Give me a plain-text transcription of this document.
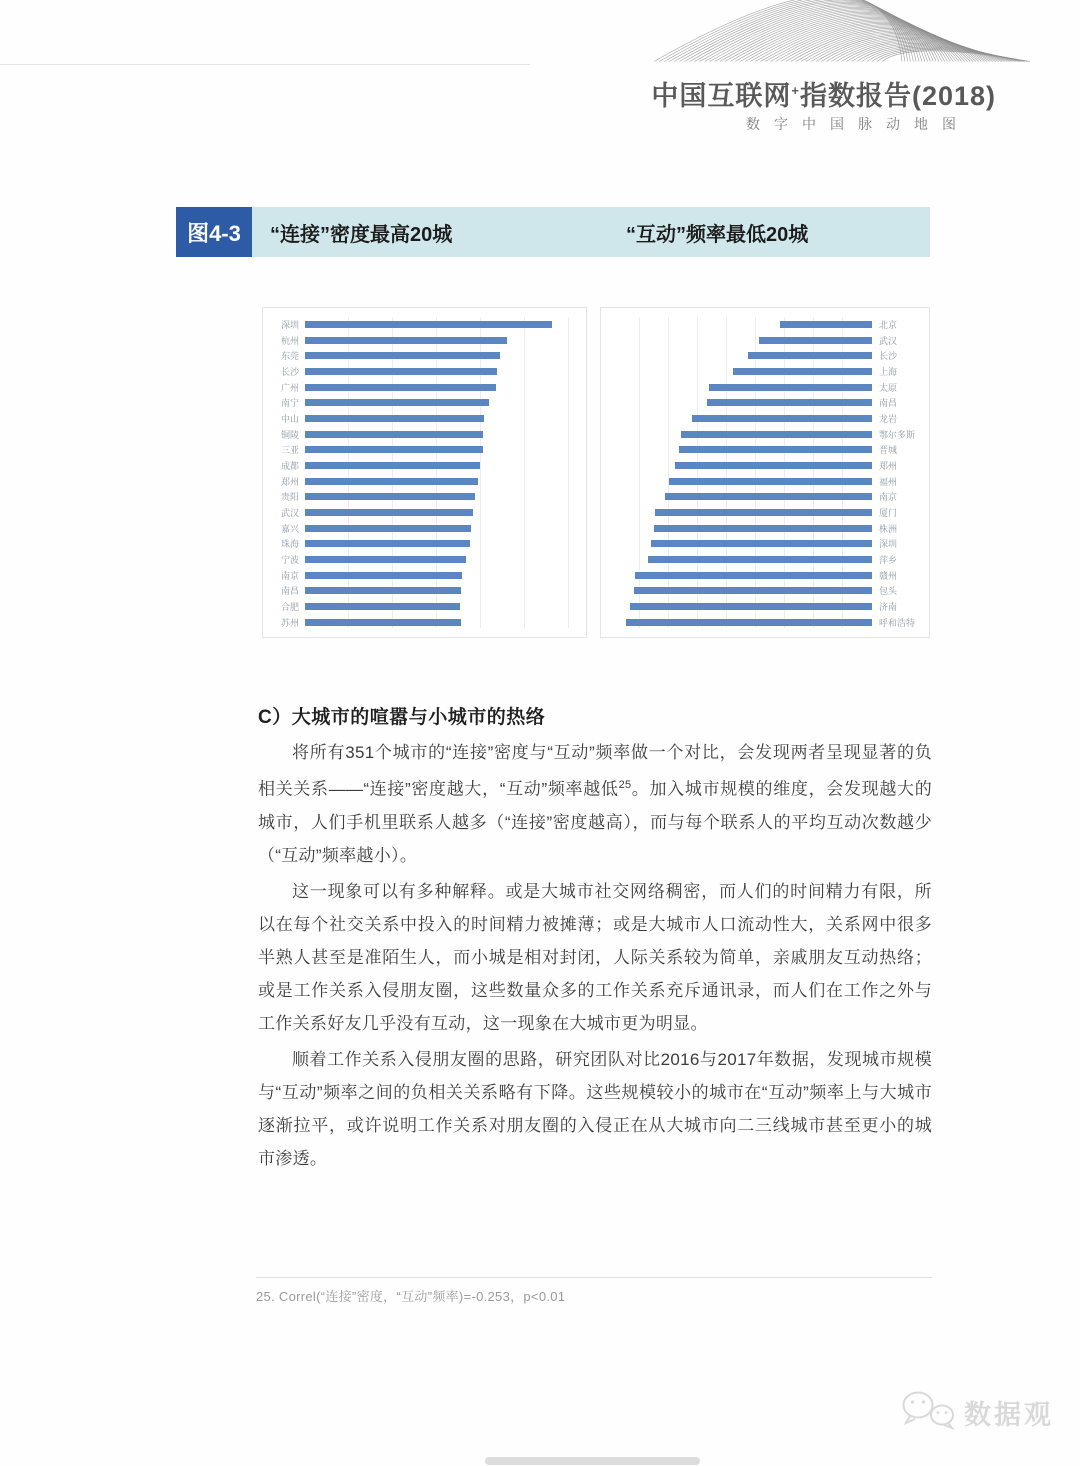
中国互联网+指数报告(2018)
数字中国脉动地图
图4-3	“连接”密度最高20城	“互动”频率最低20城
深圳
杭州
东莞
长沙
广州
南宁
中山
铜陵
三亚
成都
郑州
贵阳
武汉
嘉兴
珠海
宁波
南京
南昌
合肥
苏州
北京
武汉
长沙
上海
太原
南昌
龙岩
鄂尔多斯
晋城
郑州
福州
南京
厦门
株洲
深圳
萍乡
赣州
包头
济南
呼和浩特
C）大城市的喧嚣与小城市的热络

将所有351个城市的“连接”密度与“互动”频率做一个对比，会发现两者呈现显著的负相关关系——“连接”密度越大，“互动”频率越低$^{25}$。加入城市规模的维度，会发现越大的城市，人们手机里联系人越多（“连接”密度越高），而与每个联系人的平均互动次数越少（“互动”频率越小）。

这一现象可以有多种解释。或是大城市社交网络稠密，而人们的时间精力有限，所以在每个社交关系中投入的时间精力被摊薄；或是大城市人口流动性大，关系网中很多半熟人甚至是准陌生人，而小城是相对封闭，人际关系较为简单，亲戚朋友互动热络；或是工作关系入侵朋友圈，这些数量众多的工作关系充斥通讯录，而人们在工作之外与工作关系好友几乎没有互动，这一现象在大城市更为明显。

顺着工作关系入侵朋友圈的思路，研究团队对比2016与2017年数据，发现城市规模与“互动”频率之间的负相关关系略有下降。这些规模较小的城市在“互动”频率上与大城市逐渐拉平，或许说明工作关系对朋友圈的入侵正在从大城市向二三线城市甚至更小的城市渗透。

25. Correl(“连接”密度，“互动”频率)=-0.253，p<0.01
数据观
